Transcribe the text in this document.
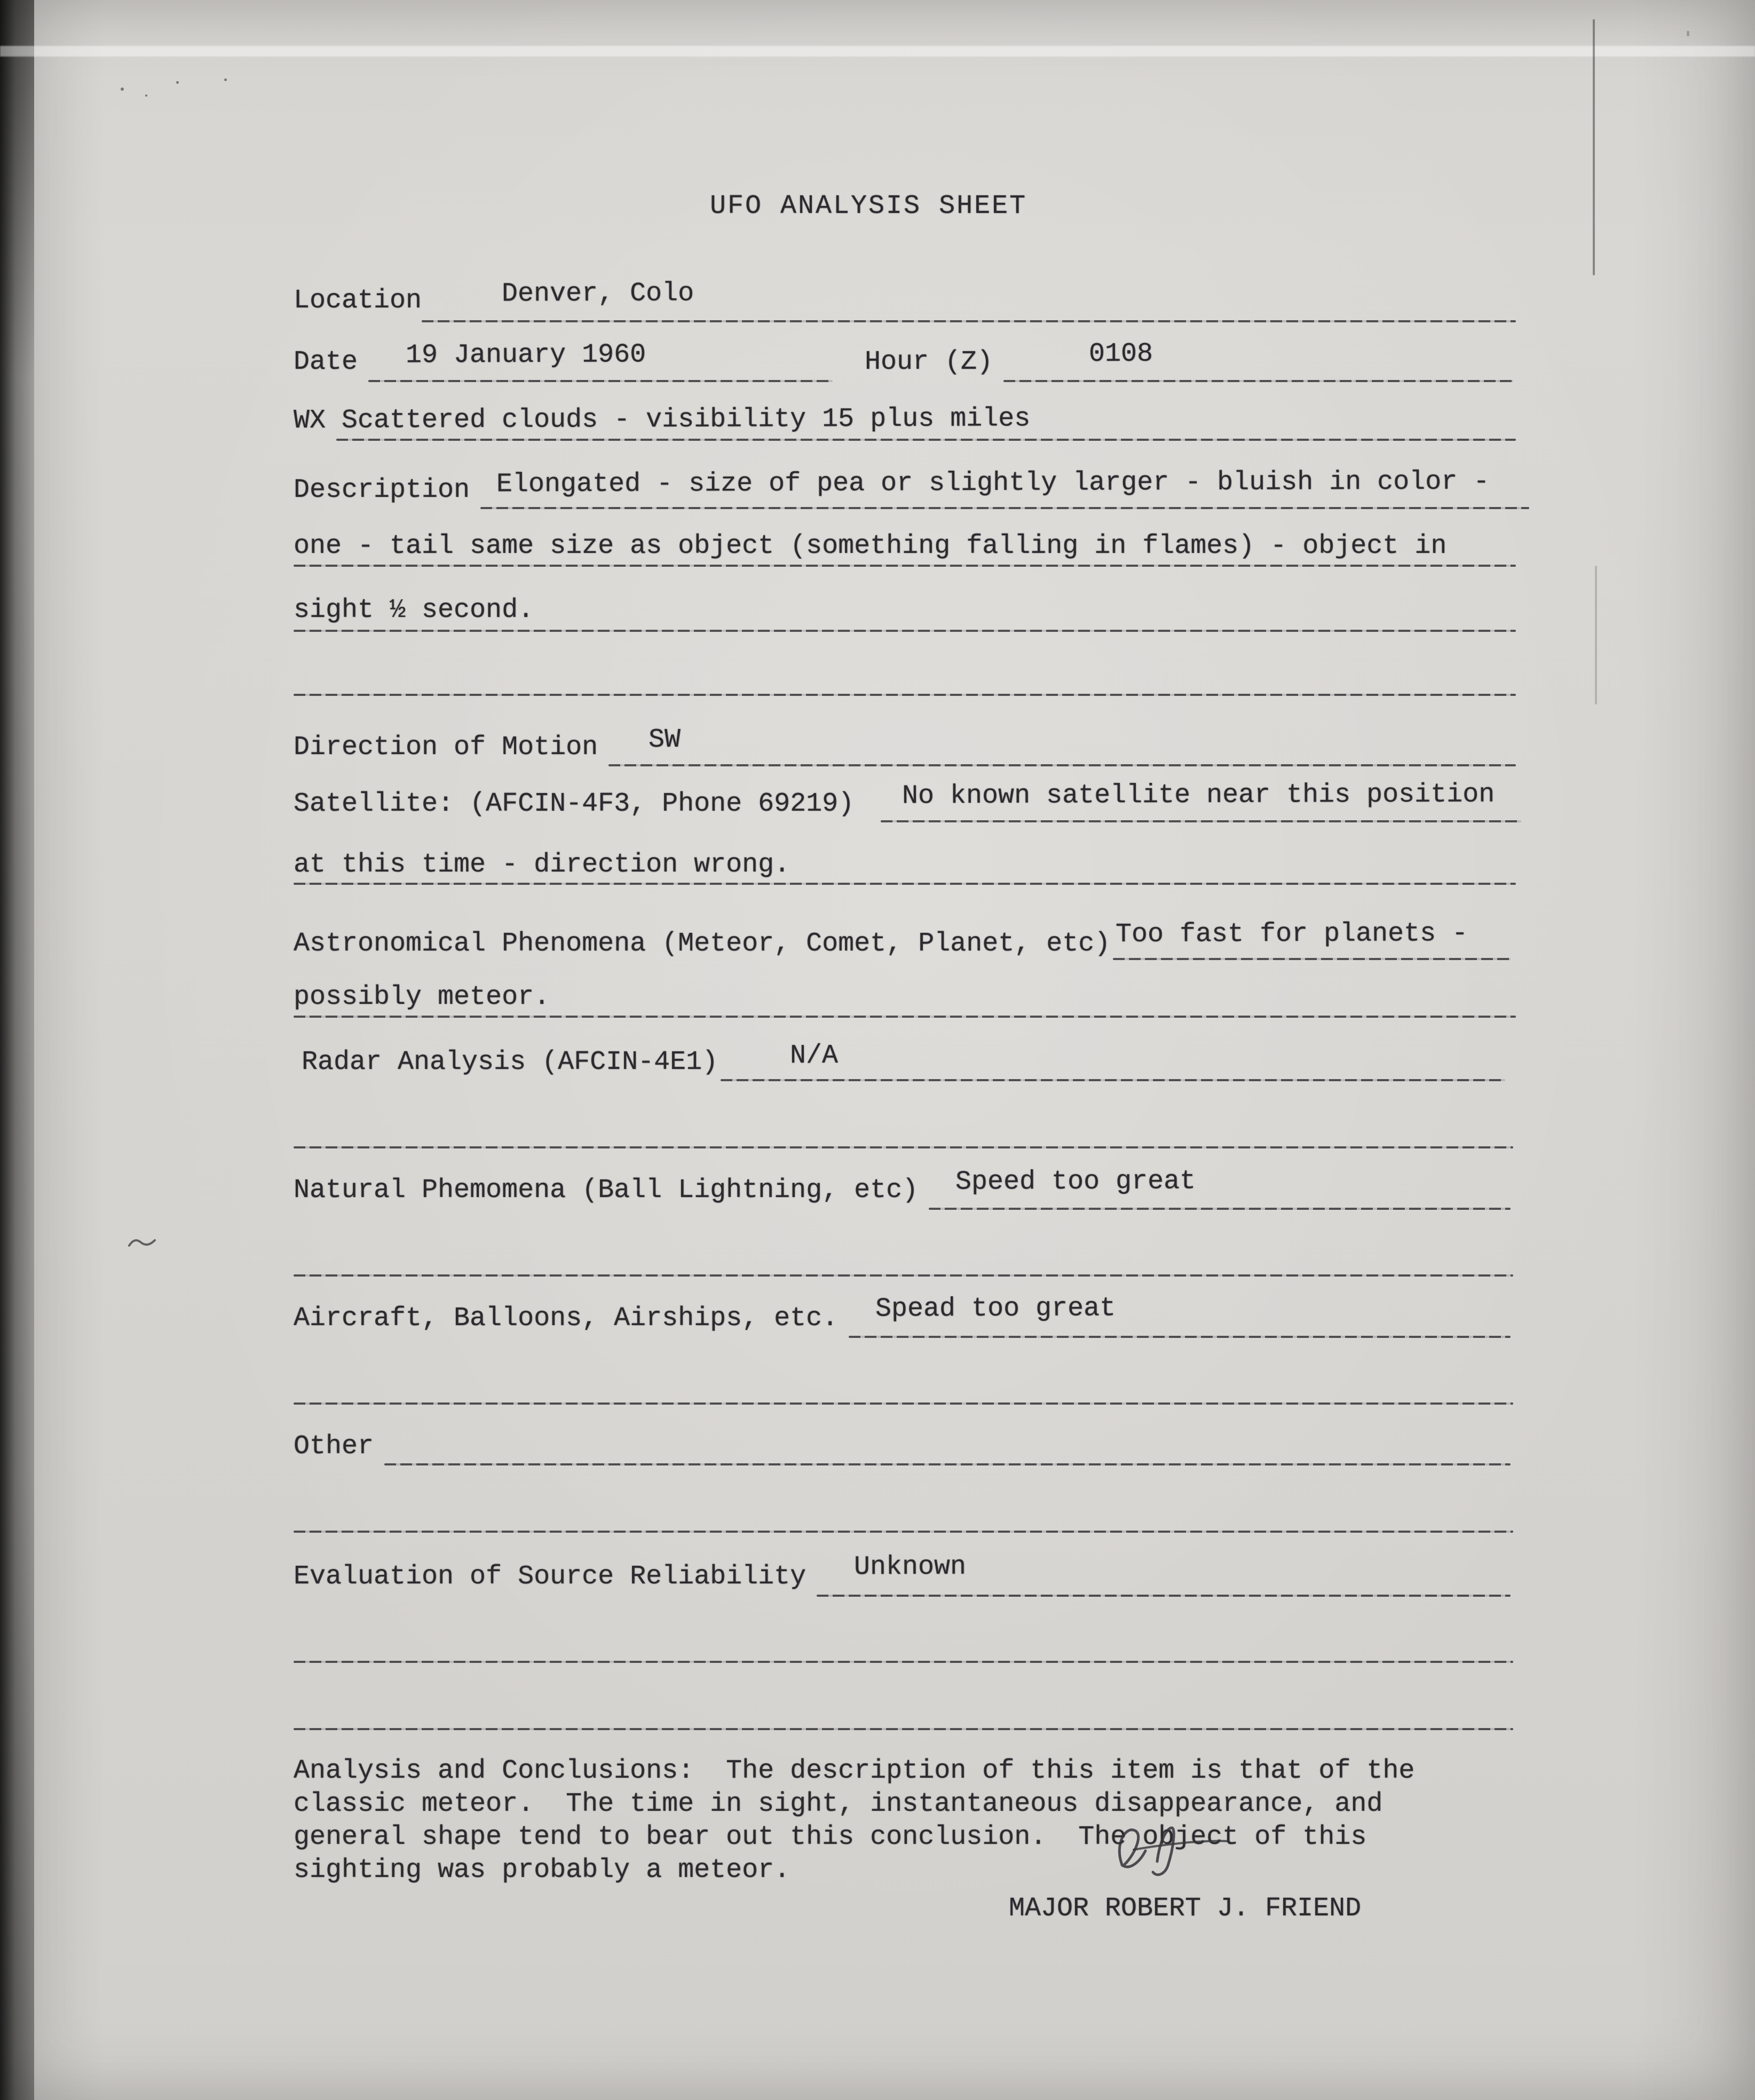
UFO ANALYSIS SHEET
Location	Denver, Colo
Date 19 January 1960	Hour (Z)	0108
WX Scattered clouds - visibility 15 plus miles
Description Elongated - size of pea or slightly larger - bluish in color -
one - tail same size as object (something falling in flames) - object in
sight ½ second.
Direction of Motion SW
Satellite: (AFCIN-4F3, Phone 69219) No known satellite near this position
at this time - direction wrong.
Astronomical Phenomena (Meteor, Comet, Planet, etc) Too fast for planets -
possibly meteor.
Radar Analysis (AFCIN-4E1)	N/A
Natural Phemomena (Ball Lightning, etc) Speed too great
Aircraft, Balloons, Airships, etc. Spead too great
Other
Evaluation of Source Reliability Unknown
Analysis and Conclusions:  The description of this item is that of the
classic meteor.  The time in sight, instantaneous disappearance, and
general shape tend to bear out this conclusion.  The object of this
sighting was probably a meteor.
MAJOR ROBERT J. FRIEND
